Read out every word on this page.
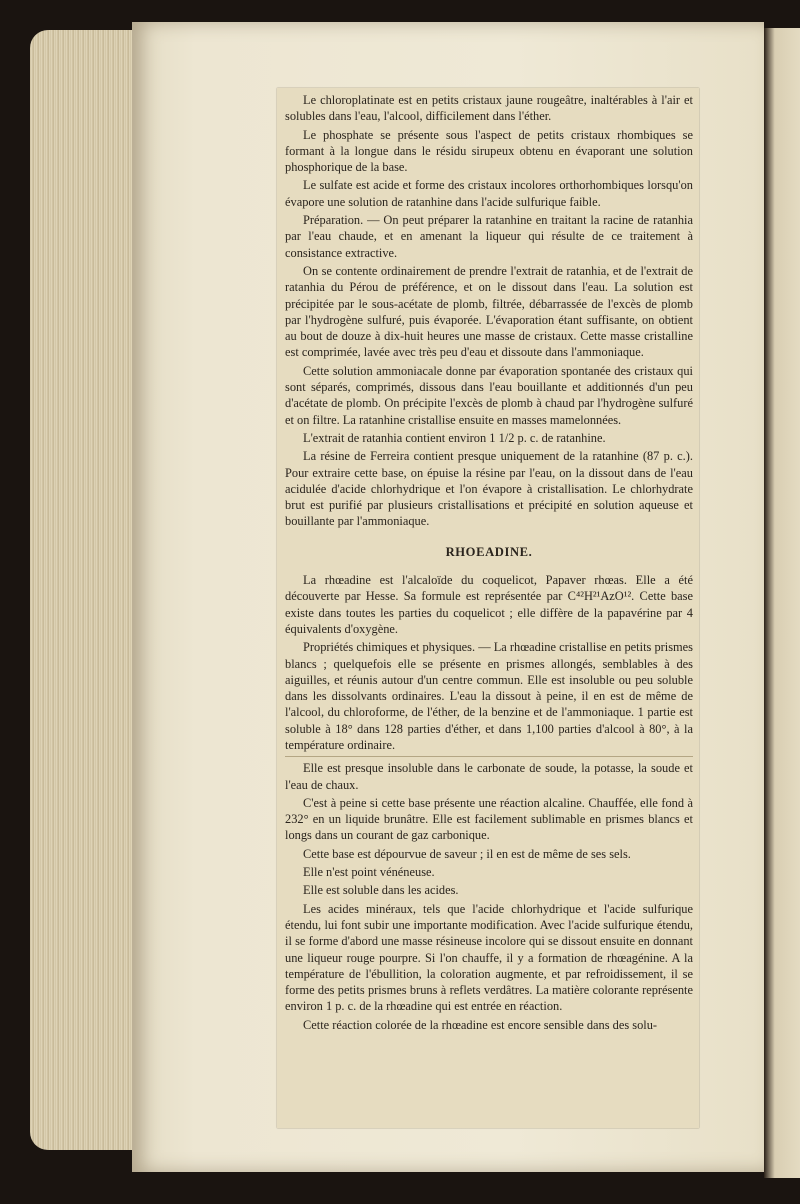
Le chloroplatinate est en petits cristaux jaune rougeâtre, inaltérables à l'air et solubles dans l'eau, l'alcool, difficilement dans l'éther.

Le phosphate se présente sous l'aspect de petits cristaux rhombiques se formant à la longue dans le résidu sirupeux obtenu en évaporant une solution phosphorique de la base.

Le sulfate est acide et forme des cristaux incolores orthorhombiques lorsqu'on évapore une solution de ratanhine dans l'acide sulfurique faible.

Préparation. — On peut préparer la ratanhine en traitant la racine de ratanhia par l'eau chaude, et en amenant la liqueur qui résulte de ce traitement à consistance extractive.

On se contente ordinairement de prendre l'extrait de ratanhia, et de l'extrait de ratanhia du Pérou de préférence, et on le dissout dans l'eau. La solution est précipitée par le sous-acétate de plomb, filtrée, débarrassée de l'excès de plomb par l'hydrogène sulfuré, puis évaporée. L'évaporation étant suffisante, on obtient au bout de douze à dix-huit heures une masse de cristaux. Cette masse cristalline est comprimée, lavée avec très peu d'eau et dissoute dans l'ammoniaque.

Cette solution ammoniacale donne par évaporation spontanée des cristaux qui sont séparés, comprimés, dissous dans l'eau bouillante et additionnés d'un peu d'acétate de plomb. On précipite l'excès de plomb à chaud par l'hydrogène sulfuré et on filtre. La ratanhine cristallise ensuite en masses mamelonnées.

L'extrait de ratanhia contient environ 1 1/2 p. c. de ratanhine.

La résine de Ferreira contient presque uniquement de la ratanhine (87 p. c.). Pour extraire cette base, on épuise la résine par l'eau, on la dissout dans de l'eau acidulée d'acide chlorhydrique et l'on évapore à cristallisation. Le chlorhydrate brut est purifié par plusieurs cristallisations et précipité en solution aqueuse et bouillante par l'ammoniaque.

RHOEADINE.

La rhœadine est l'alcaloïde du coquelicot, Papaver rhœas. Elle a été découverte par Hesse. Sa formule est représentée par C⁴²H²¹AzO¹². Cette base existe dans toutes les parties du coquelicot ; elle diffère de la papavérine par 4 équivalents d'oxygène.

Propriétés chimiques et physiques. — La rhœadine cristallise en petits prismes blancs ; quelquefois elle se présente en prismes allongés, semblables à des aiguilles, et réunis autour d'un centre commun. Elle est insoluble ou peu soluble dans les dissolvants ordinaires. L'eau la dissout à peine, il en est de même de l'alcool, du chloroforme, de l'éther, de la benzine et de l'ammoniaque. 1 partie est soluble à 18° dans 128 parties d'éther, et dans 1,100 parties d'alcool à 80°, à la température ordinaire.

Elle est presque insoluble dans le carbonate de soude, la potasse, la soude et l'eau de chaux.

C'est à peine si cette base présente une réaction alcaline. Chauffée, elle fond à 232° en un liquide brunâtre. Elle est facilement sublimable en prismes blancs et longs dans un courant de gaz carbonique.

Cette base est dépourvue de saveur ; il en est de même de ses sels.

Elle n'est point vénéneuse.

Elle est soluble dans les acides.

Les acides minéraux, tels que l'acide chlorhydrique et l'acide sulfurique étendu, lui font subir une importante modification. Avec l'acide sulfurique étendu, il se forme d'abord une masse résineuse incolore qui se dissout ensuite en donnant une liqueur rouge pourpre. Si l'on chauffe, il y a formation de rhœagénine. A la température de l'ébullition, la coloration augmente, et par refroidissement, il se forme des petits prismes bruns à reflets verdâtres. La matière colorante représente environ 1 p. c. de la rhœadine qui est entrée en réaction.

Cette réaction colorée de la rhœadine est encore sensible dans des solu-
